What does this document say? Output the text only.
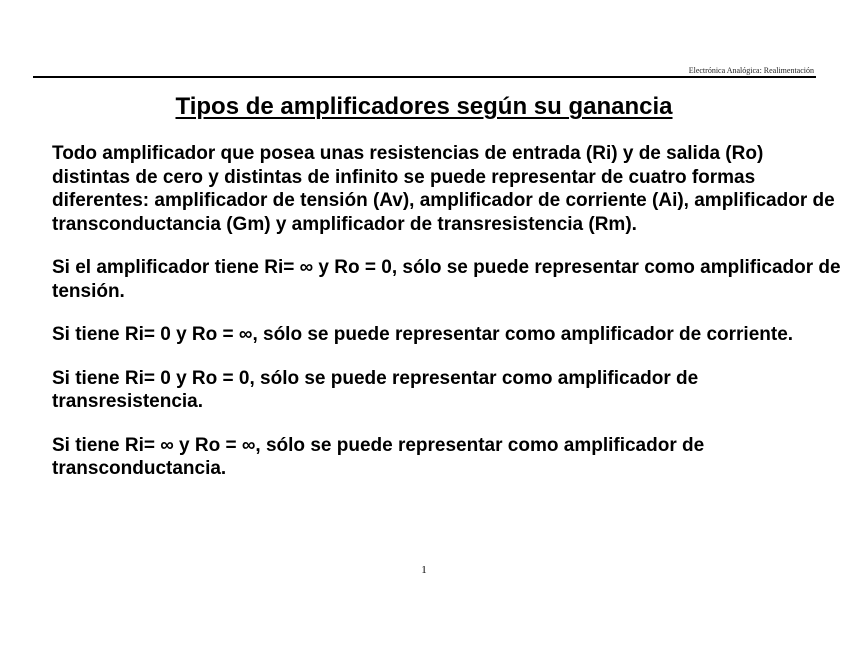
Electrónica Analógica: Realimentación
Tipos de amplificadores según su ganancia

Todo amplificador que posea unas resistencias de entrada (Ri) y de salida (Ro) distintas de cero y distintas de infinito se puede representar de cuatro formas diferentes: amplificador de tensión (Av), amplificador de corriente (Ai), amplificador de transconductancia (Gm) y amplificador de transresistencia (Rm).

Si el amplificador tiene Ri= ∞ y Ro = 0, sólo se puede representar como amplificador de tensión.

Si tiene Ri= 0 y Ro = ∞, sólo se puede representar como amplificador de corriente.

Si tiene Ri= 0 y Ro = 0, sólo se puede representar como amplificador de transresistencia.

Si tiene Ri= ∞ y Ro = ∞, sólo se puede representar como amplificador de transconductancia.

1
